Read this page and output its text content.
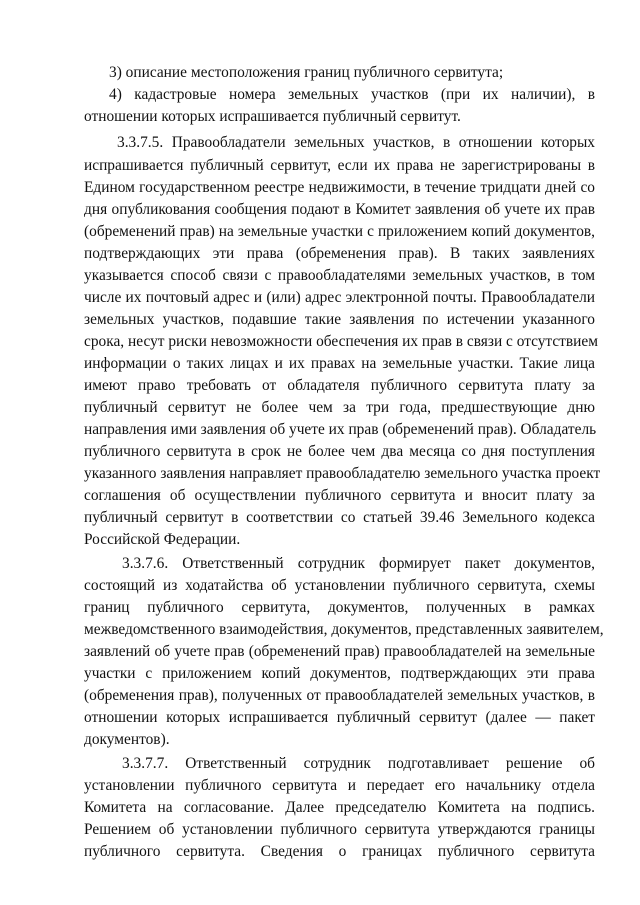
3) описание местоположения границ публичного сервитута;
4) кадастровые номера земельных участков (при их наличии), в
отношении которых испрашивается публичный сервитут.
3.3.7.5. Правообладатели земельных участков, в отношении которых
испрашивается публичный сервитут, если их права не зарегистрированы в
Едином государственном реестре недвижимости, в течение тридцати дней со
дня опубликования сообщения подают в Комитет заявления об учете их прав
(обременений прав) на земельные участки с приложением копий документов,
подтверждающих эти права (обременения прав). В таких заявлениях
указывается способ связи с правообладателями земельных участков, в том
числе их почтовый адрес и (или) адрес электронной почты. Правообладатели
земельных участков, подавшие такие заявления по истечении указанного
срока, несут риски невозможности обеспечения их прав в связи с отсутствием
информации о таких лицах и их правах на земельные участки. Такие лица
имеют право требовать от обладателя публичного сервитута плату за
публичный сервитут не более чем за три года, предшествующие дню
направления ими заявления об учете их прав (обременений прав). Обладатель
публичного сервитута в срок не более чем два месяца со дня поступления
указанного заявления направляет правообладателю земельного участка проект
соглашения об осуществлении публичного сервитута и вносит плату за
публичный сервитут в соответствии со статьей 39.46 Земельного кодекса
Российской Федерации.
3.3.7.6. Ответственный сотрудник формирует пакет документов,
состоящий из ходатайства об установлении публичного сервитута, схемы
границ публичного сервитута, документов, полученных в рамках
межведомственного взаимодействия, документов, представленных заявителем,
заявлений об учете прав (обременений прав) правообладателей на земельные
участки с приложением копий документов, подтверждающих эти права
(обременения прав), полученных от правообладателей земельных участков, в
отношении которых испрашивается публичный сервитут (далее — пакет
документов).
3.3.7.7. Ответственный сотрудник подготавливает решение об
установлении публичного сервитута и передает его начальнику отдела
Комитета на согласование. Далее председателю Комитета на подпись.
Решением об установлении публичного сервитута утверждаются границы
публичного сервитута. Сведения о границах публичного сервитута
